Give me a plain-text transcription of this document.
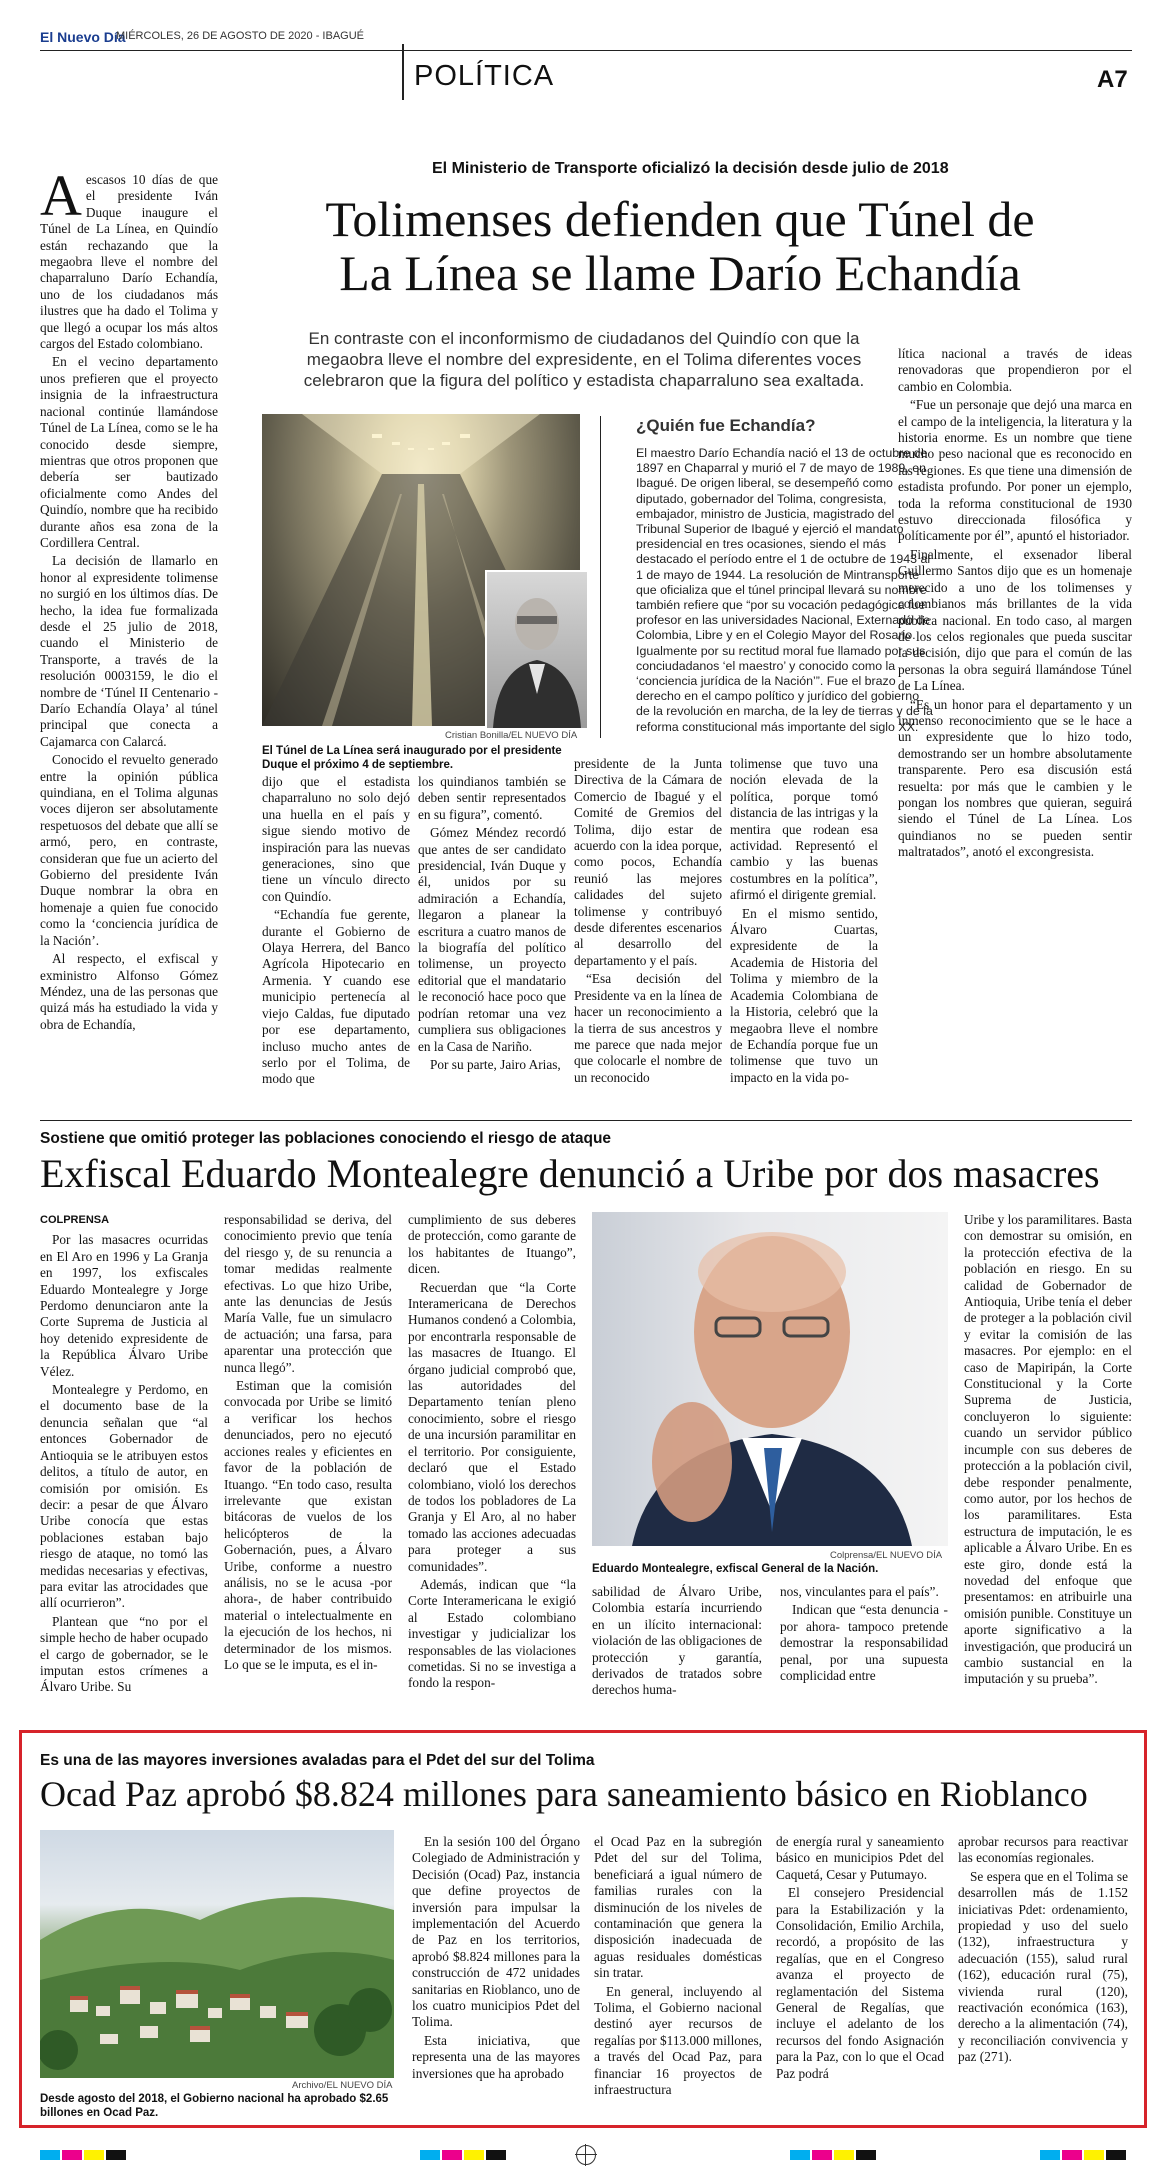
El Nuevo Día
MIÉRCOLES, 26 DE AGOSTO DE 2020 - IBAGUÉ
POLÍTICA	A7
El Ministerio de Transporte oficializó la decisión desde julio de 2018
Tolimenses defienden que Túnel de
La Línea se llame Darío Echandía
En contraste con el inconformismo de ciudadanos del Quindío con que la megaobra lleve el nombre del expresidente, en el Tolima diferentes voces celebraron que la figura del político y estadista chaparraluno sea exaltada.

Aescasos 10 días de que el presidente Iván Duque inaugure el Túnel de La Línea, en Quindío están rechazando que la megaobra lleve el nombre del chaparraluno Darío Echandía, uno de los ciudadanos más ilustres que ha dado el Tolima y que llegó a ocupar los más altos cargos del Estado colombiano.

En el vecino departamento unos prefieren que el proyecto insignia de la infraestructura nacional continúe llamándose Túnel de La Línea, como se le ha conocido desde siempre, mientras que otros proponen que debería ser bautizado oficialmente como Andes del Quindío, nombre que ha recibido durante años esa zona de la Cordillera Central.

La decisión de llamarlo en honor al expresidente tolimense no surgió en los últimos días. De hecho, la idea fue formalizada desde el 25 julio de 2018, cuando el Ministerio de Transporte, a través de la resolución 0003159, le dio el nombre de ‘Túnel II Centenario - Darío Echandía Olaya’ al túnel principal que conecta a Cajamarca con Calarcá.

Conocido el revuelto generado entre la opinión pública quindiana, en el Tolima algunas voces dijeron ser absolutamente respetuosos del debate que allí se armó, pero, en contraste, consideran que fue un acierto del Gobierno del presidente Iván Duque nombrar la obra en homenaje a quien fue conocido como la ‘conciencia jurídica de la Nación’.

Al respecto, el exfiscal y exministro Alfonso Gómez Méndez, una de las personas que quizá más ha estudiado la vida y obra de Echandía,

Cristian Bonilla/EL NUEVO DÍA
El Túnel de La Línea será inaugurado por el presidente Duque el próximo 4 de septiembre.
¿Quién fue Echandía?

El maestro Darío Echandía nació el 13 de octubre de 1897 en Chaparral y murió el 7 de mayo de 1989, en Ibagué. De origen liberal, se desempeñó como diputado, gobernador del Tolima, congresista, embajador, ministro de Justicia, magistrado del Tribunal Superior de Ibagué y ejerció el mandato presidencial en tres ocasiones, siendo el más destacado el período entre el 1 de octubre de 1943 al 1 de mayo de 1944. La resolución de Mintransporte que oficializa que el túnel principal llevará su nombre también refiere que “por su vocación pedagógica fue profesor en las universidades Nacional, Externado de Colombia, Libre y en el Colegio Mayor del Rosario. Igualmente por su rectitud moral fue llamado por sus conciudadanos ‘el maestro’ y conocido como la ‘conciencia jurídica de la Nación’”. Fue el brazo derecho en el campo político y jurídico del gobierno de la revolución en marcha, de la ley de tierras y de la reforma constitucional más importante del siglo XX.

dijo que el estadista chaparraluno no solo dejó una huella en el país y sigue siendo motivo de inspiración para las nuevas generaciones, sino que tiene un vínculo directo con Quindío.

“Echandía fue gerente, durante el Gobierno de Olaya Herrera, del Banco Agrícola Hipotecario en Armenia. Y cuando ese municipio pertenecía al viejo Caldas, fue diputado por ese departamento, incluso mucho antes de serlo por el Tolima, de modo que

los quindianos también se deben sentir representados en su figura”, comentó.

Gómez Méndez recordó que antes de ser candidato presidencial, Iván Duque y él, unidos por su admiración a Echandía, llegaron a planear la escritura a cuatro manos de la biografía del político tolimense, un proyecto editorial que el mandatario le reconoció hace poco que podrían retomar una vez cumpliera sus obligaciones en la Casa de Nariño.

Por su parte, Jairo Arias,

presidente de la Junta Directiva de la Cámara de Comercio de Ibagué y el Comité de Gremios del Tolima, dijo estar de acuerdo con la idea porque, como pocos, Echandía reunió las mejores calidades del sujeto tolimense y contribuyó desde diferentes escenarios al desarrollo del departamento y el país.

“Esa decisión del Presidente va en la línea de hacer un reconocimiento a la tierra de sus ancestros y me parece que nada mejor que colocarle el nombre de un reconocido

tolimense que tuvo una noción elevada de la política, porque tomó distancia de las intrigas y la mentira que rodean esa actividad. Representó el cambio y las buenas costumbres en la política”, afirmó el dirigente gremial.

En el mismo sentido, Álvaro Cuartas, expresidente de la Academia de Historia del Tolima y miembro de la Academia Colombiana de la Historia, celebró que la megaobra lleve el nombre de Echandía porque fue un tolimense que tuvo un impacto en la vida po-

lítica nacional a través de ideas renovadoras que propendieron por el cambio en Colombia.

“Fue un personaje que dejó una marca en el campo de la inteligencia, la literatura y la historia enorme. Es un nombre que tiene mucho peso nacional que es reconocido en las regiones. Es que tiene una dimensión de estadista profundo. Por poner un ejemplo, toda la reforma constitucional de 1930 estuvo direccionada filosófica y políticamente por él”, apuntó el historiador.

Finalmente, el exsenador liberal Guillermo Santos dijo que es un homenaje merecido a uno de los tolimenses y colombianos más brillantes de la vida pública nacional. En todo caso, al margen de los celos regionales que pueda suscitar la decisión, dijo que para el común de las personas la obra seguirá llamándose Túnel de La Línea.

“Es un honor para el departamento y un inmenso reconocimiento que se le hace a un expresidente que lo hizo todo, demostrando ser un hombre absolutamente transparente. Pero esa discusión está resuelta: por más que le cambien y le pongan los nombres que quieran, seguirá siendo el Túnel de La Línea. Los quindianos no se pueden sentir maltratados”, anotó el excongresista.

Sostiene que omitió proteger las poblaciones conociendo el riesgo de ataque
Exfiscal Eduardo Montealegre denunció a Uribe por dos masacres

COLPRENSA

Por las masacres ocurridas en El Aro en 1996 y La Granja en 1997, los exfiscales Eduardo Montealegre y Jorge Perdomo denunciaron ante la Corte Suprema de Justicia al hoy detenido expresidente de la República Álvaro Uribe Vélez.

Montealegre y Perdomo, en el documento base de la denuncia señalan que “al entonces Gobernador de Antioquia se le atribuyen estos delitos, a título de autor, en comisión por omisión. Es decir: a pesar de que Álvaro Uribe conocía que estas poblaciones estaban bajo riesgo de ataque, no tomó las medidas necesarias y efectivas, para evitar las atrocidades que allí ocurrieron”.

Plantean que “no por el simple hecho de haber ocupado el cargo de gobernador, se le imputan estos crímenes a Álvaro Uribe. Su

responsabilidad se deriva, del conocimiento previo que tenía del riesgo y, de su renuncia a tomar medidas realmente efectivas. Lo que hizo Uribe, ante las denuncias de Jesús María Valle, fue un simulacro de actuación; una farsa, para aparentar una protección que nunca llegó”.

Estiman que la comisión convocada por Uribe se limitó a verificar los hechos denunciados, pero no ejecutó acciones reales y eficientes en favor de la población de Ituango. “En todo caso, resulta irrelevante que existan bitácoras de vuelos de los helicópteros de la Gobernación, pues, a Álvaro Uribe, conforme a nuestro análisis, no se le acusa -por ahora-, de haber contribuido material o intelectualmente en la ejecución de los hechos, ni determinador de los mismos. Lo que se le imputa, es el in-

cumplimiento de sus deberes de protección, como garante de los habitantes de Ituango”, dicen.

Recuerdan que “la Corte Interamericana de Derechos Humanos condenó a Colombia, por encontrarla responsable de las masacres de Ituango. El órgano judicial comprobó que, las autoridades del Departamento tenían pleno conocimiento, sobre el riesgo de una incursión paramilitar en el territorio. Por consiguiente, declaró que el Estado colombiano, violó los derechos de todos los pobladores de La Granja y El Aro, al no haber tomado las acciones adecuadas para proteger a sus comunidades”.

Además, indican que “la Corte Interamericana le exigió al Estado colombiano investigar y judicializar los responsables de las violaciones cometidas. Si no se investiga a fondo la respon-

Colprensa/EL NUEVO DÍA
Eduardo Montealegre, exfiscal General de la Nación.

sabilidad de Álvaro Uribe, Colombia estaría incurriendo en un ilícito internacional: violación de las obligaciones de protección y garantía, derivados de tratados sobre derechos huma-

nos, vinculantes para el país”.

Indican que “esta denuncia -por ahora- tampoco pretende demostrar la responsabilidad penal, por una supuesta complicidad entre

Uribe y los paramilitares. Basta con demostrar su omisión, en la protección efectiva de la población en riesgo. En su calidad de Gobernador de Antioquia, Uribe tenía el deber de proteger a la población civil y evitar la comisión de las masacres. Por ejemplo: en el caso de Mapiripán, la Corte Constitucional y la Corte Suprema de Justicia, concluyeron lo siguiente: cuando un servidor público incumple con sus deberes de protección a la población civil, debe responder penalmente, como autor, por los hechos de los paramilitares. Esta estructura de imputación, le es aplicable a Álvaro Uribe. En es este giro, donde está la novedad del enfoque que presentamos: en atribuirle una omisión punible. Constituye un aporte significativo a la investigación, que producirá un cambio sustancial en la imputación y su prueba”.

Es una de las mayores inversiones avaladas para el Pdet del sur del Tolima
Ocad Paz aprobó $8.824 millones para saneamiento básico en Rioblanco
Archivo/EL NUEVO DÍA
Desde agosto del 2018, el Gobierno nacional ha aprobado $2.65 billones en Ocad Paz.

En la sesión 100 del Órgano Colegiado de Administración y Decisión (Ocad) Paz, instancia que define proyectos de inversión para impulsar la implementación del Acuerdo de Paz en los territorios, aprobó $8.824 millones para la construcción de 472 unidades sanitarias en Rioblanco, uno de los cuatro municipios Pdet del Tolima.

Esta iniciativa, que representa una de las mayores inversiones que ha aprobado

el Ocad Paz en la subregión Pdet del sur del Tolima, beneficiará a igual número de familias rurales con la disminución de los niveles de contaminación que genera la disposición inadecuada de aguas residuales domésticas sin tratar.

En general, incluyendo al Tolima, el Gobierno nacional destinó ayer recursos de regalías por $113.000 millones, a través del Ocad Paz, para financiar 16 proyectos de infraestructura

de energía rural y saneamiento básico en municipios Pdet del Caquetá, Cesar y Putumayo.

El consejero Presidencial para la Estabilización y la Consolidación, Emilio Archila, recordó, a propósito de las regalías, que en el Congreso avanza el proyecto de reglamentación del Sistema General de Regalías, que incluye el adelanto de los recursos del fondo Asignación para la Paz, con lo que el Ocad Paz podrá

aprobar recursos para reactivar las economías regionales.

Se espera que en el Tolima se desarrollen más de 1.152 iniciativas Pdet: ordenamiento, propiedad y uso del suelo (132), infraestructura y adecuación (155), salud rural (162), educación rural (75), vivienda rural (120), reactivación económica (163), derecho a la alimentación (74), y reconciliación convivencia y paz (271).
